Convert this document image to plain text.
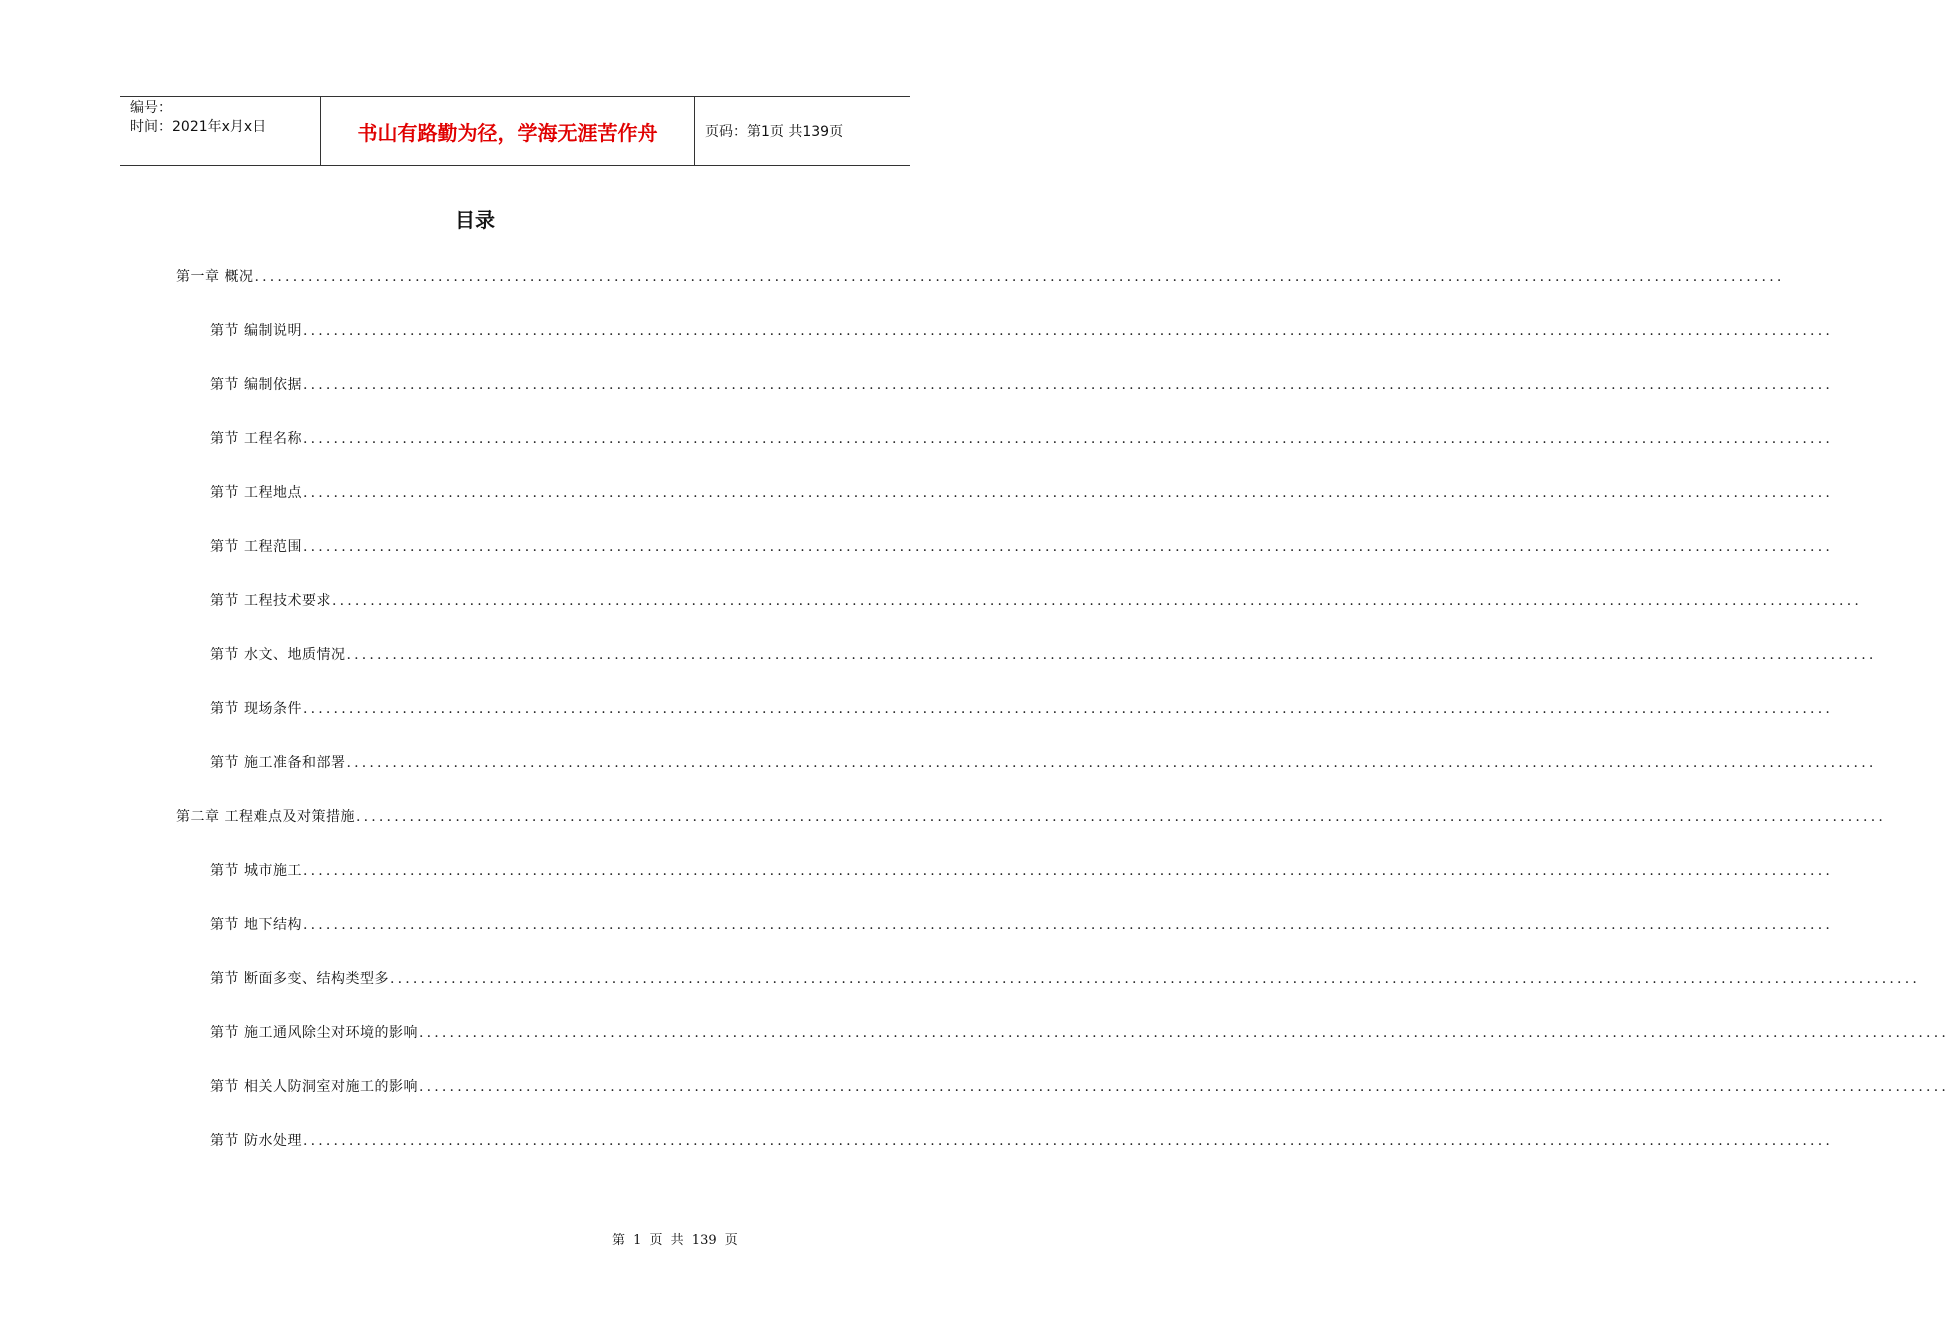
编号：
时间：2021年x月x日	书山有路勤为径，学海无涯苦作舟	页码：第1页 共139页
目录
第一章 概况 ........................................................................................................................................................................................................
第节 编制说明 ........................................................................................................................................................................................................
第节 编制依据 ........................................................................................................................................................................................................
第节 工程名称 ........................................................................................................................................................................................................
第节 工程地点 ........................................................................................................................................................................................................
第节 工程范围 ........................................................................................................................................................................................................
第节 工程技术要求 ........................................................................................................................................................................................................
第节 水文、地质情况 ........................................................................................................................................................................................................
第节 现场条件 ........................................................................................................................................................................................................
第节 施工准备和部署 ........................................................................................................................................................................................................
第二章 工程难点及对策措施 ........................................................................................................................................................................................................
第节 城市施工 ........................................................................................................................................................................................................
第节 地下结构 ........................................................................................................................................................................................................
第节 断面多变、结构类型多 ........................................................................................................................................................................................................
第节 施工通风除尘对环境的影响 ........................................................................................................................................................................................................
第节 相关人防洞室对施工的影响 ........................................................................................................................................................................................................
第节 防水处理 ........................................................................................................................................................................................................
第 1 页 共 139 页
